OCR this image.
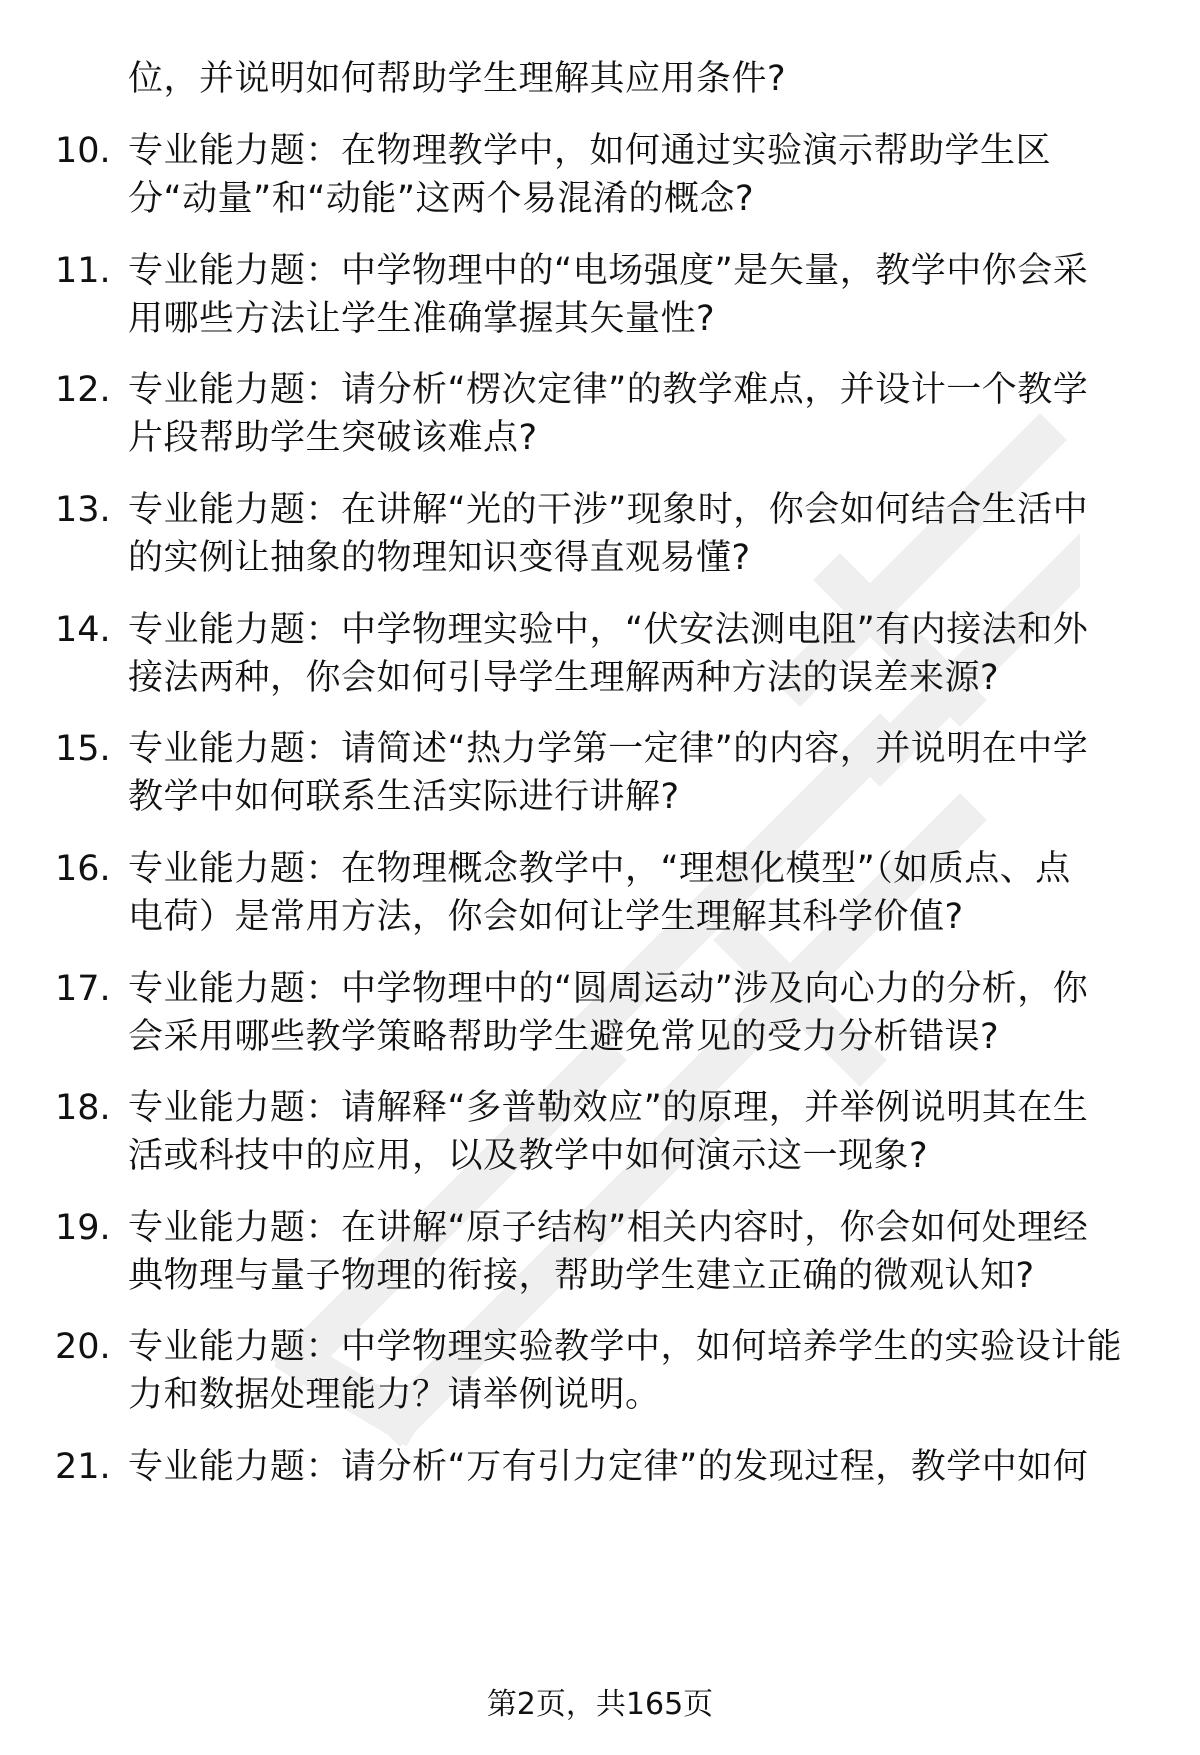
位，并说明如何帮助学生理解其应用条件?
10. 专业能力题：在物理教学中，如何通过实验演示帮助学生区
分“动量”和“动能”这两个易混淆的概念?
11. 专业能力题：中学物理中的“电场强度”是矢量，教学中你会采
用哪些方法让学生准确掌握其矢量性?
12. 专业能力题：请分析“楞次定律”的教学难点，并设计一个教学
片段帮助学生突破该难点?
13. 专业能力题：在讲解“光的干涉”现象时，你会如何结合生活中
的实例让抽象的物理知识变得直观易懂?
14. 专业能力题：中学物理实验中，“伏安法测电阻”有内接法和外
接法两种，你会如何引导学生理解两种方法的误差来源?
15. 专业能力题：请简述“热力学第一定律”的内容，并说明在中学
教学中如何联系生活实际进行讲解?
16. 专业能力题：在物理概念教学中，“理想化模型”（如质点、点
电荷）是常用方法，你会如何让学生理解其科学价值?
17. 专业能力题：中学物理中的“圆周运动”涉及向心力的分析，你
会采用哪些教学策略帮助学生避免常见的受力分析错误?
18. 专业能力题：请解释“多普勒效应”的原理，并举例说明其在生
活或科技中的应用，以及教学中如何演示这一现象?
19. 专业能力题：在讲解“原子结构”相关内容时，你会如何处理经
典物理与量子物理的衔接，帮助学生建立正确的微观认知?
20. 专业能力题：中学物理实验教学中，如何培养学生的实验设计能
力和数据处理能力？请举例说明。
21. 专业能力题：请分析“万有引力定律”的发现过程，教学中如何
第2页，共165页
